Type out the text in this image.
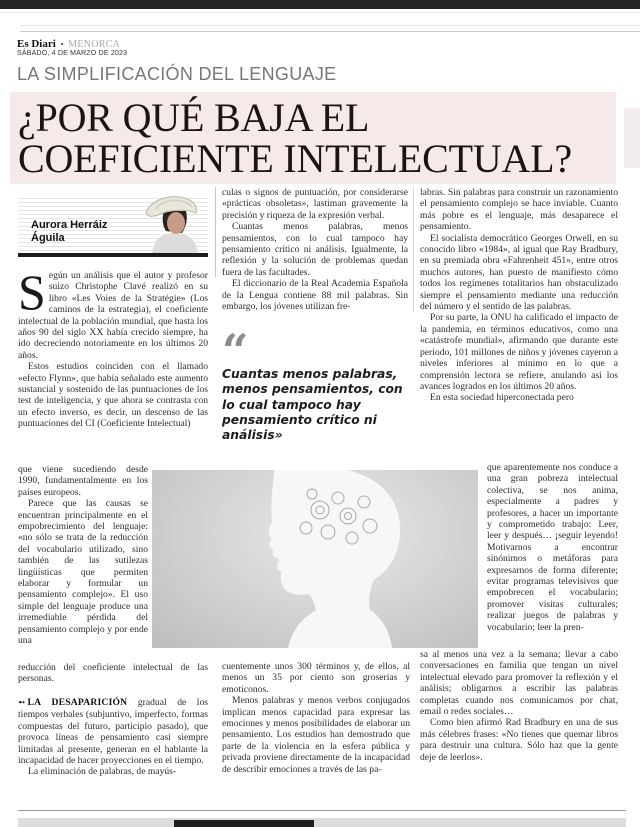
Es Diari • MENORCA
SÁBADO, 4 DE MARZO DE 2023
LA SIMPLIFICACIÓN DEL LENGUAJE
¿POR QUÉ BAJA EL COEFICIENTE INTELECTUAL?
Aurora Herráiz Águila
S egún un análisis que el autor y profesor suizo Christophe Clavé realizó en su libro «Les Voies de la Stratégie» (Los caminos de la estrategia), el coeficiente intelectual de la población mundial, que hasta los años 90 del siglo XX había crecido siempre, ha ido decreciendo notoriamente en los últimos 20 años.

Estos estudios coinciden con el llamado «efecto Flynn», que había señalado este aumento sustancial y sostenido de las puntuaciones de los test de inteligencia, y que ahora se contrasta con un efecto inverso, es decir, un descenso de las puntuaciones del CI (Coeficiente Intelectual)

que viene sucediendo desde 1990, fundamentalmente en los países europeos.

Parece que las causas se encuentran principalmente en el empobrecimiento del lenguaje: «no sólo se trata de la reducción del vocabulario utilizado, sino también de las sutilezas lingüísticas que permiten elaborar y formular un pensamiento complejo». El uso simple del lenguaje produce una irremediable pérdida del pensamiento complejo y por ende una

reducción del coeficiente intelectual de las personas.

➻ LA DESAPARICIÓN gradual de los tiempos verbales (subjuntivo, imperfecto, formas compuestas del futuro, participio pasado), que provoca líneas de pensamiento casi siempre limitadas al presente, generan en el hablante la incapacidad de hacer proyecciones en el tiempo.

La eliminación de palabras, de mayús-

culas o signos de puntuación, por considerarse «prácticas obsoletas», lastiman gravemente la precisión y riqueza de la expresión verbal.

Cuantas menos palabras, menos pensamientos, con lo cual tampoco hay pensamiento crítico ni análisis. Igualmente, la reflexión y la solución de problemas quedan fuera de las facultades.

El diccionario de la Real Academia Española de la Lengua contiene 88 mil palabras. Sin embargo, los jóvenes utilizan fre-

“
Cuantas menos palabras, menos pensamientos, con lo cual tampoco hay pensamiento crítico ni análisis»

cuentemente unos 300 términos y, de ellos, al menos un 35 por ciento son groserías y emoticonos.

Menos palabras y menos verbos conjugados implican menos capacidad para expresar las emociones y menos posibilidades de elaborar un pensamiento. Los estudios han demostrado que parte de la violencia en la esfera pública y privada proviene directamente de la incapacidad de describir emociones a través de las pa-

labras. Sin palabras para construir un razonamiento el pensamiento complejo se hace inviable. Cuanto más pobre es el lenguaje, más desaparece el pensamiento.

El socialista democrático Georges Orwell, en su conocido libro «1984», al igual que Ray Bradbury, en su premiada obra «Fahrenheit 451», entre otros muchos autores, han puesto de manifiesto cómo todos los regímenes totalitarios han obstaculizado siempre el pensamiento mediante una reducción del número y el sentido de las palabras.

Por su parte, la ONU ha calificado el impacto de la pandemia, en términos educativos, como una «catástrofe mundial», afirmando que durante este periodo, 101 millones de niños y jóvenes cayeron a niveles inferiores al mínimo en lo que a comprensión lectora se refiere, anulando así los avances logrados en los últimos 20 años.

En esta sociedad hiperconectada pero

que aparentemente nos conduce a una gran pobreza intelectual colectiva, se nos anima, especialmente a padres y profesores, a hacer un importante y comprometido trabajo: Leer, leer y después… ¡seguir leyendo! Motivarnos a encontrar sinónimos o metáforas para expresarnos de forma diferente; evitar programas televisivos que empobrecen el vocabulario; promover visitas culturales; realizar juegos de palabras y vocabulario; leer la pren-

sa al menos una vez a la semana; llevar a cabo conversaciones en familia que tengan un nivel intelectual elevado para promover la reflexión y el análisis; obligarnos a escribir las palabras completas cuando nos comunicamos por chat, email o redes sociales…

Como bien afirmó Rad Bradbury en una de sus más célebres frases: «No tienes que quemar libros para destruir una cultura. Sólo haz que la gente deje de leerlos».
